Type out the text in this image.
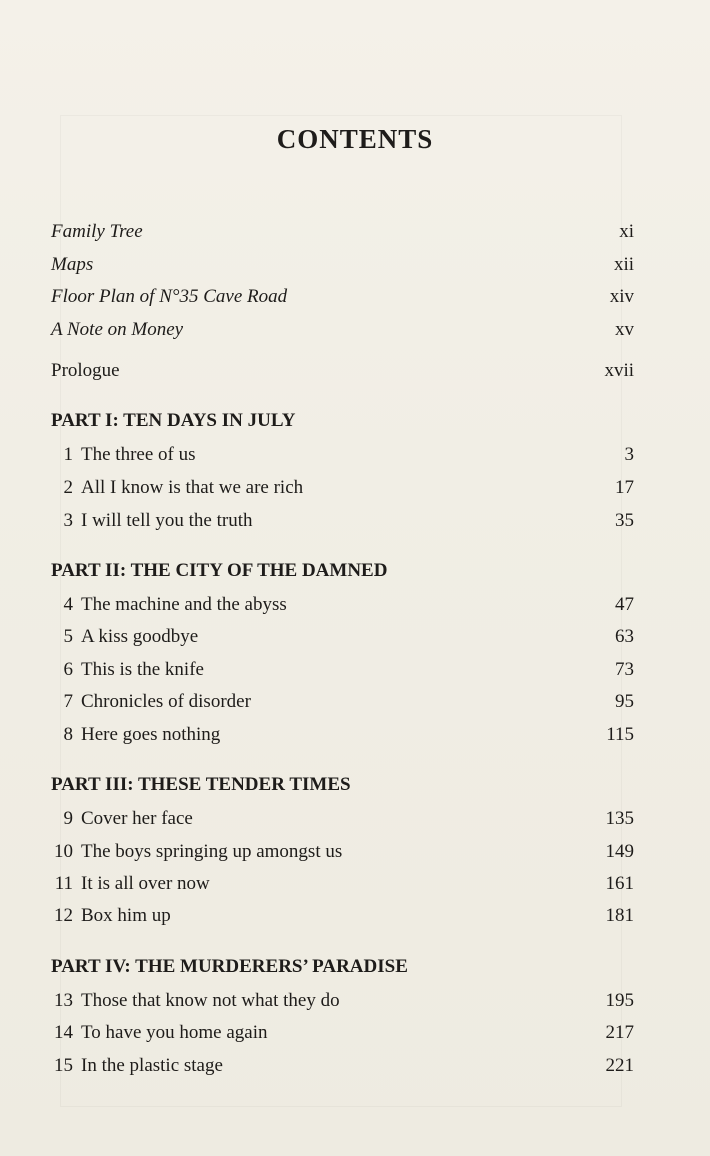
CONTENTS
Family Tree	xi
Maps	xii
Floor Plan of N°35 Cave Road	xiv
A Note on Money	xv
Prologue	xvii
PART I: TEN DAYS IN JULY
1 The three of us	3
2 All I know is that we are rich	17
3 I will tell you the truth	35
PART II: THE CITY OF THE DAMNED
4 The machine and the abyss	47
5 A kiss goodbye	63
6 This is the knife	73
7 Chronicles of disorder	95
8 Here goes nothing	115
PART III: THESE TENDER TIMES
9 Cover her face	135
10 The boys springing up amongst us	149
11 It is all over now	161
12 Box him up	181
PART IV: THE MURDERERS’ PARADISE
13 Those that know not what they do	195
14 To have you home again	217
15 In the plastic stage	221
